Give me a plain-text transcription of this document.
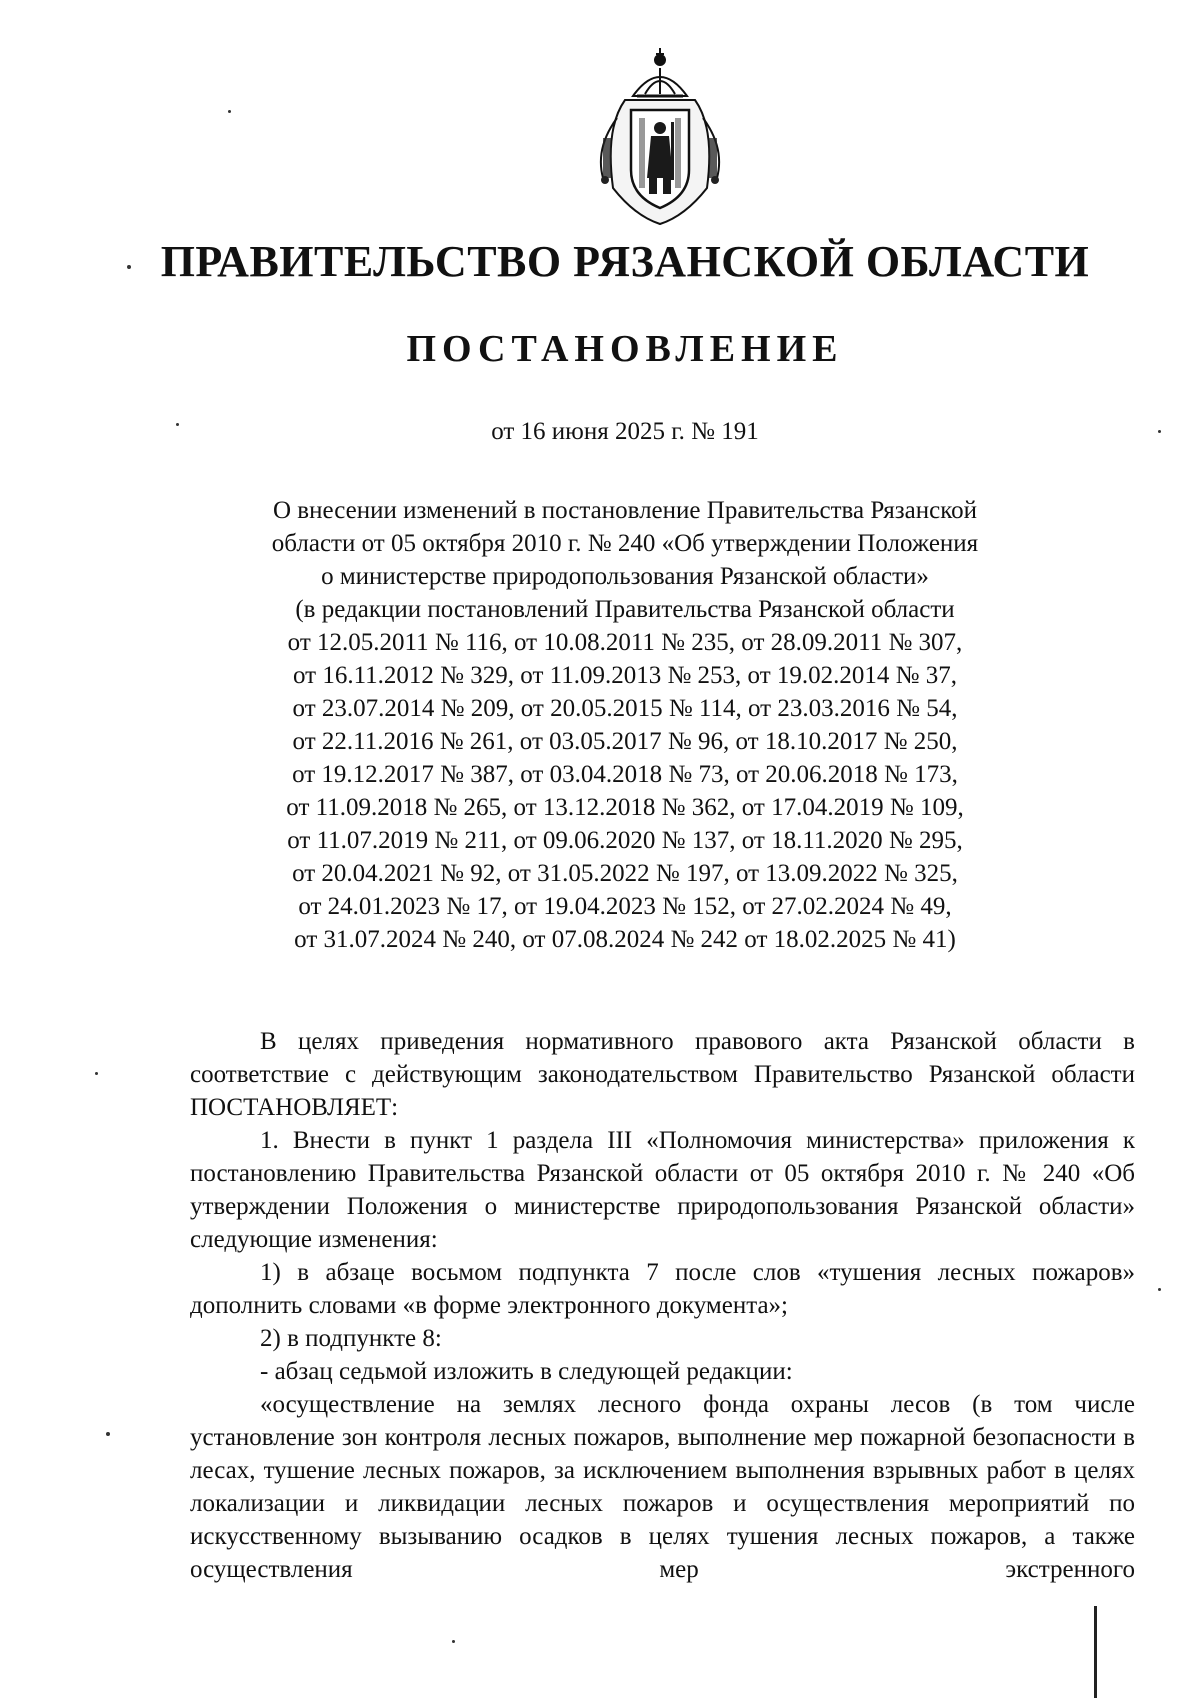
ПРАВИТЕЛЬСТВО РЯЗАНСКОЙ ОБЛАСТИ
ПОСТАНОВЛЕНИЕ
от 16 июня 2025 г. № 191
О внесении изменений в постановление Правительства Рязанской
области от 05 октября 2010 г. № 240 «Об утверждении Положения
о министерстве природопользования Рязанской области»
(в редакции постановлений Правительства Рязанской области
от 12.05.2011 № 116, от 10.08.2011 № 235, от 28.09.2011 № 307,
от 16.11.2012 № 329, от 11.09.2013 № 253, от 19.02.2014 № 37,
от 23.07.2014 № 209, от 20.05.2015 № 114, от 23.03.2016 № 54,
от 22.11.2016 № 261, от 03.05.2017 № 96, от 18.10.2017 № 250,
от 19.12.2017 № 387, от 03.04.2018 № 73, от 20.06.2018 № 173,
от 11.09.2018 № 265, от 13.12.2018 № 362, от 17.04.2019 № 109,
от 11.07.2019 № 211, от 09.06.2020 № 137, от 18.11.2020 № 295,
от 20.04.2021 № 92, от 31.05.2022 № 197, от 13.09.2022 № 325,
от 24.01.2023 № 17, от 19.04.2023 № 152, от 27.02.2024 № 49,
от 31.07.2024 № 240, от 07.08.2024 № 242 от 18.02.2025 № 41)

В целях приведения нормативного правового акта Рязанской области в соответствие с действующим законодательством Правительство Рязанской области ПОСТАНОВЛЯЕТ:

1. Внести в пункт 1 раздела III «Полномочия министерства» приложения к постановлению Правительства Рязанской области от 05 октября 2010 г. № 240 «Об утверждении Положения о министерстве природопользования Рязанской области» следующие изменения:

1) в абзаце восьмом подпункта 7 после слов «тушения лесных пожаров» дополнить словами «в форме электронного документа»;

2) в подпункте 8:

- абзац седьмой изложить в следующей редакции:

«осуществление на землях лесного фонда охраны лесов (в том числе установление зон контроля лесных пожаров, выполнение мер пожарной безопасности в лесах, тушение лесных пожаров, за исключением выполнения взрывных работ в целях локализации и ликвидации лесных пожаров и осуществления мероприятий по искусственному вызыванию осадков в целях тушения лесных пожаров, а также осуществления мер экстренного
